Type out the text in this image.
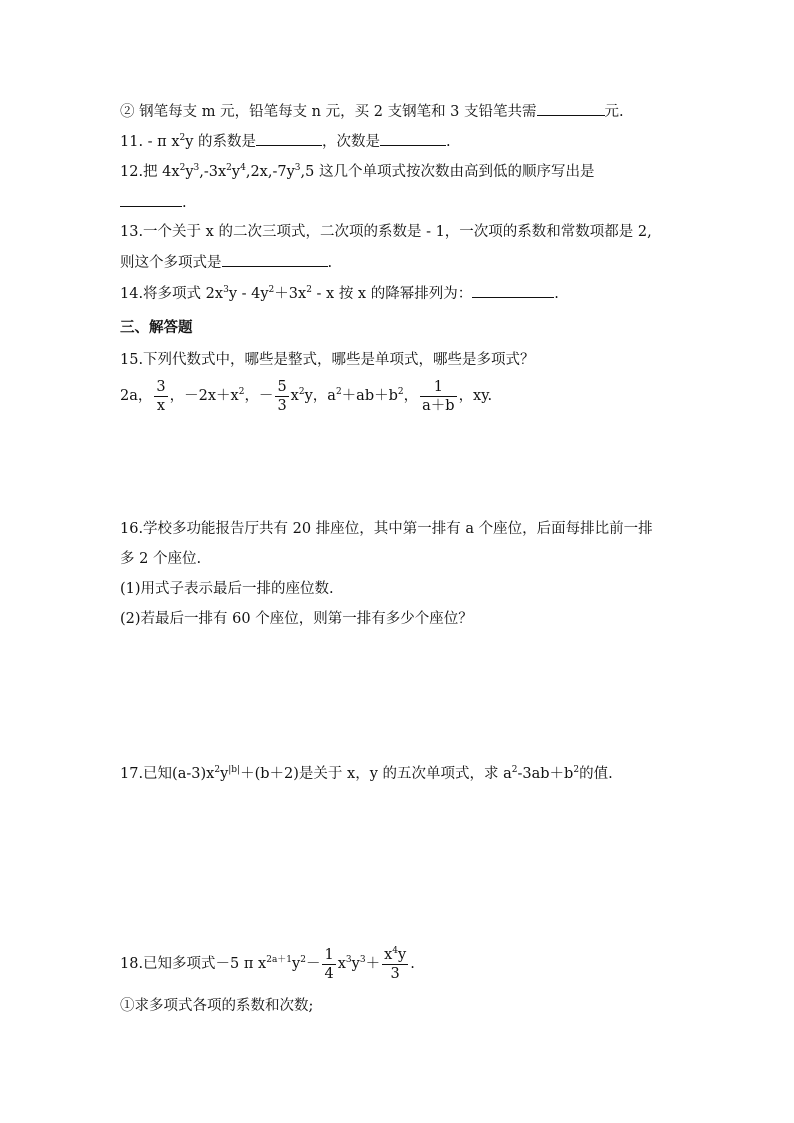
② 钢笔每支 m 元，铅笔每支 n 元，买 2 支钢笔和 3 支铅笔共需	元.
11. - π $x^2y$ 的系数是	，次数是	.
12.把 $4x^2y^3,-3x^2y^4,2x,-7y^3,5$ 这几个单项式按次数由高到低的顺序写出是
.
13.一个关于 x 的二次三项式，二次项的系数是 - 1，一次项的系数和常数项都是 2,
则这个多项式是	.
14.将多项式 $2x^3y - 4y^2+3x^2 - x$ 按 x 的降幂排列为：	.
三、解答题
15.下列代数式中，哪些是整式，哪些是单项式，哪些是多项式？
2a， $\frac{3}{x}$ ，$-2x+x^2$，－ $\frac{5}{3} x^2y$，$a^2+ab+b^2$， $\frac{1}{a+b}$ ，xy.
16.学校多功能报告厅共有 20 排座位，其中第一排有 a 个座位，后面每排比前一排
多 2 个座位.
(1)用式子表示最后一排的座位数.
(2)若最后一排有 60 个座位，则第一排有多少个座位？
17.已知$(a-3)x^2y^{|b|}+(b+2)$是关于 x，y 的五次单项式，求 $a^2-3ab+b^2$的值.
18.已知多项式－5 π $x^{2a+1}y^2- \frac{1}{4} x^3y^3+ \frac{x^4y}{3}$ .
①求多项式各项的系数和次数;
